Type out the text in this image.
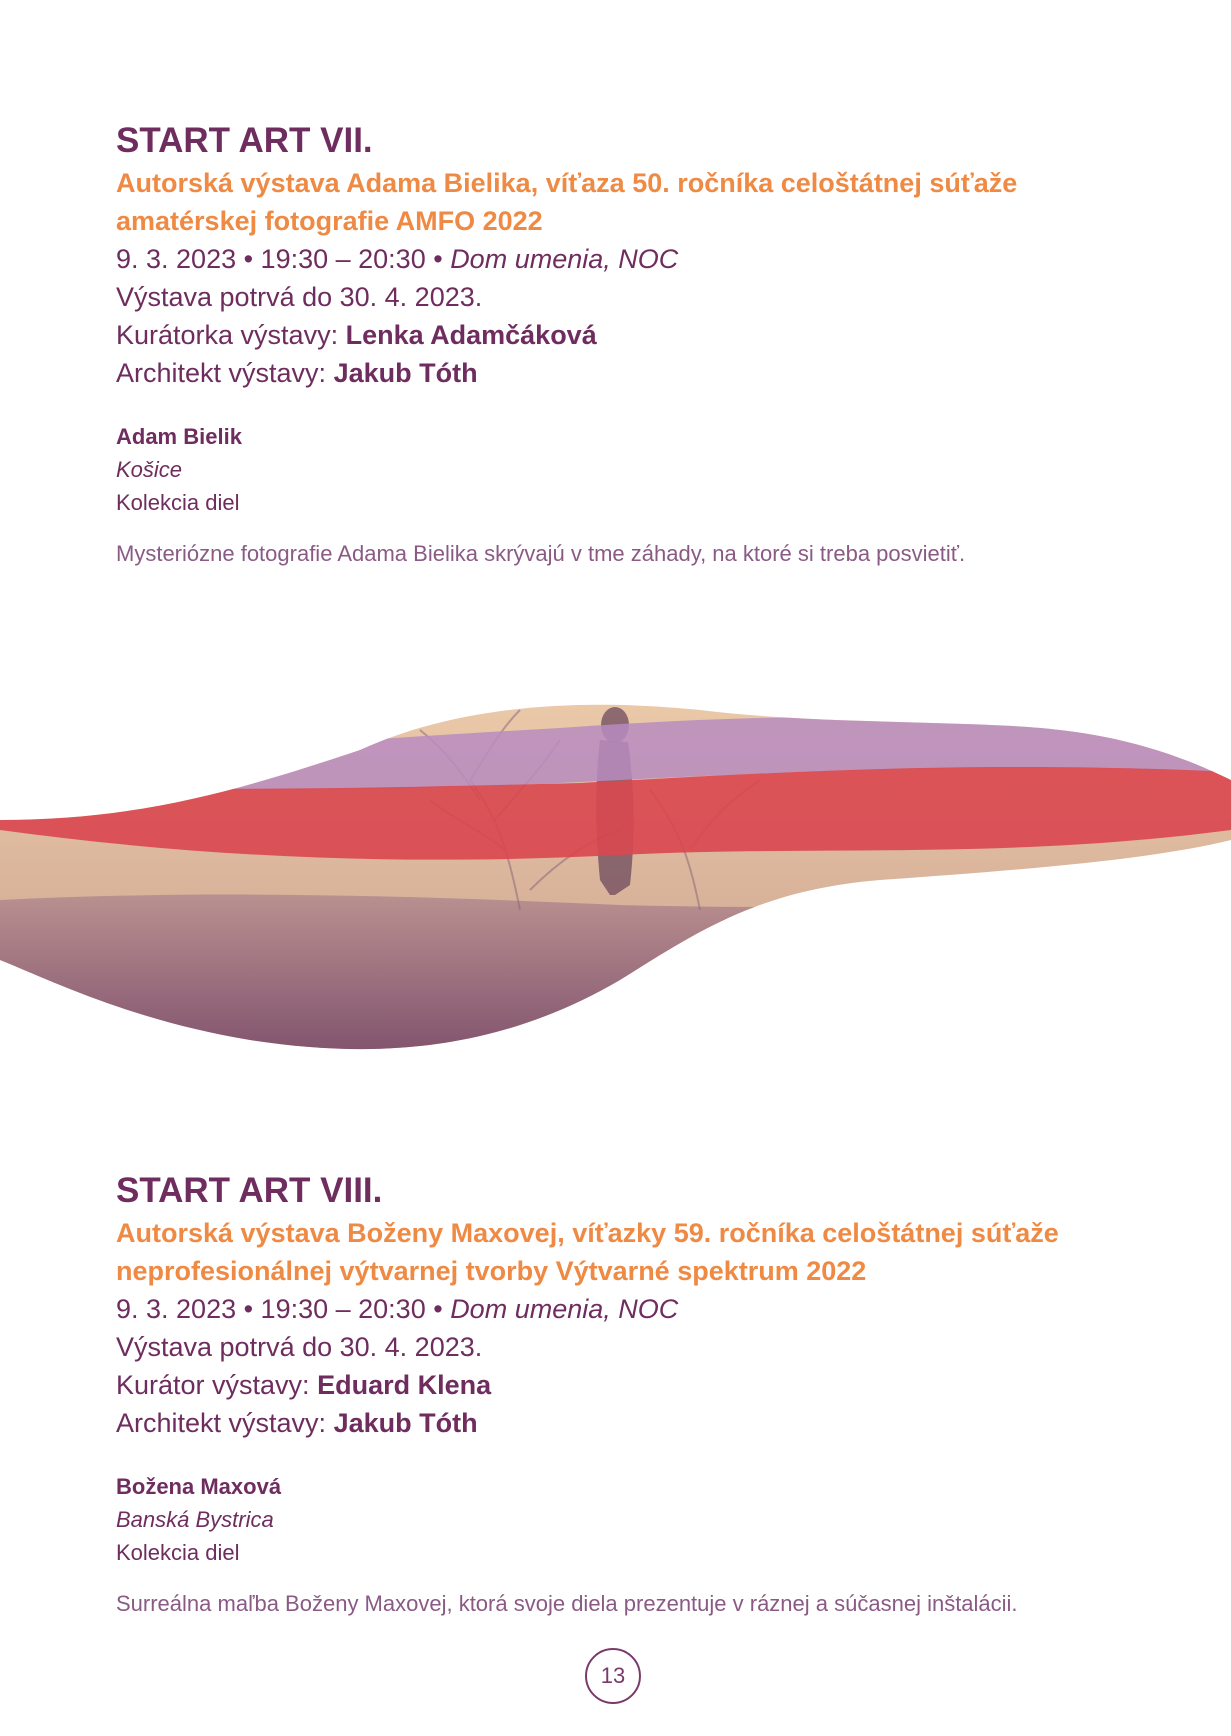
START ART VII.

Autorská výstava Adama Bielika, víťaza 50. ročníka celoštátnej súťaže

amatérskej fotografie AMFO 2022

9. 3. 2023 • 19:30 – 20:30 • Dom umenia, NOC

Výstava potrvá do 30. 4. 2023.

Kurátorka výstavy: Lenka Adamčáková

Architekt výstavy: Jakub Tóth

Adam Bielik
Košice
Kolekcia diel
Mysteriózne fotografie Adama Bielika skrývajú v tme záhady, na ktoré si treba posvietiť.
START ART VIII.

Autorská výstava Boženy Maxovej, víťazky 59. ročníka celoštátnej súťaže

neprofesionálnej výtvarnej tvorby Výtvarné spektrum 2022

9. 3. 2023 • 19:30 – 20:30 • Dom umenia, NOC

Výstava potrvá do 30. 4. 2023.

Kurátor výstavy: Eduard Klena

Architekt výstavy: Jakub Tóth

Božena Maxová
Banská Bystrica
Kolekcia diel
Surreálna maľba Boženy Maxovej, ktorá svoje diela prezentuje v ráznej a súčasnej inštalácii.
13
